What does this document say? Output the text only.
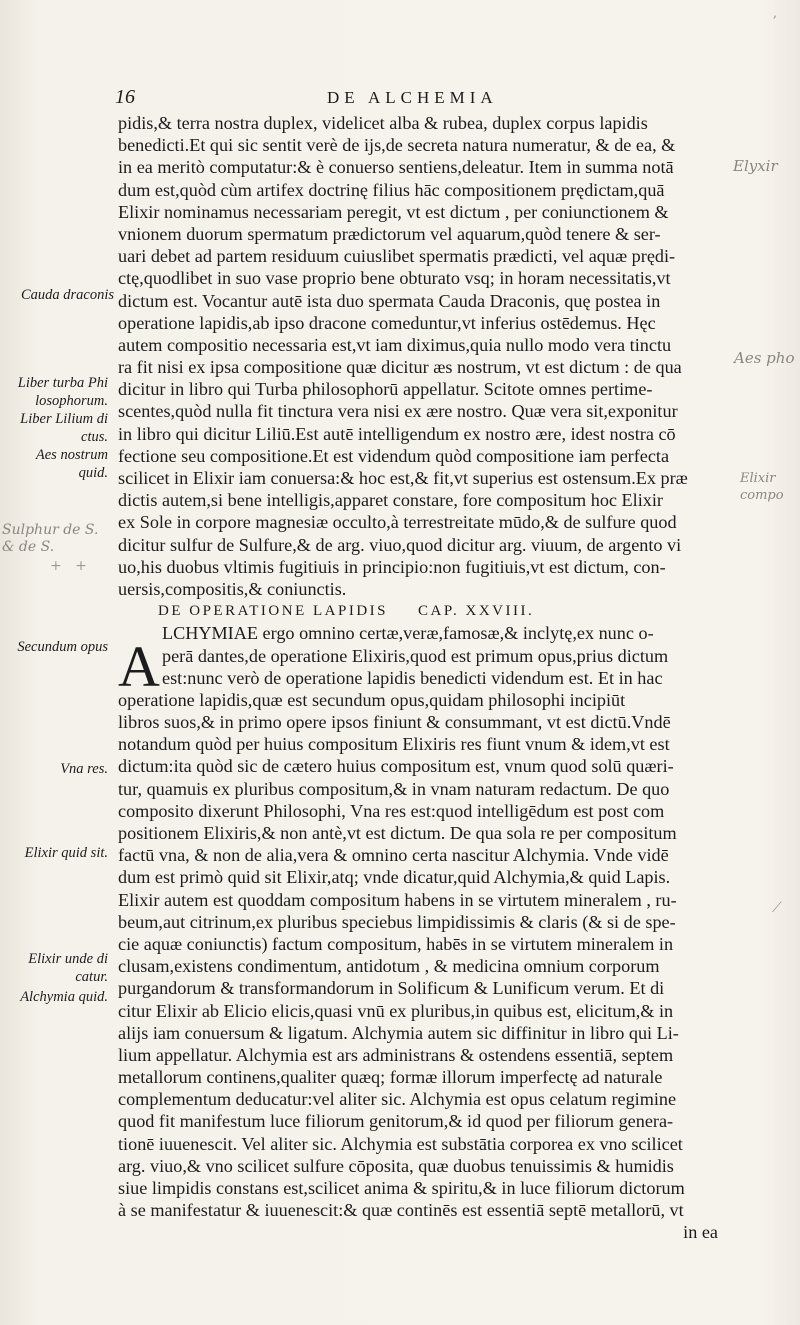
16	DE ALCHEMIA
pidis,& terra nostra duplex, videlicet alba & rubea, duplex corpus lapidis
benedicti.Et qui sic sentit verè de ijs,de secreta natura numeratur, & de ea, &
in ea meritò computatur:& è conuerso sentiens,deleatur. Item in summa notā
dum est,quòd cùm artifex doctrinę filius hāc compositionem prędictam,quā
Elixir nominamus necessariam peregit, vt est dictum , per coniunctionem &
vnionem duorum spermatum prædictorum vel aquarum,quòd tenere & ser-
uari debet ad partem residuum cuiuslibet spermatis prædicti, vel aquæ prędi-
ctę,quodlibet in suo vase proprio bene obturato vsq; in horam necessitatis,vt
dictum est. Vocantur autē ista duo spermata Cauda Draconis, quę postea in
operatione lapidis,ab ipso dracone comeduntur,vt inferius ostēdemus. Hęc
autem compositio necessaria est,vt iam diximus,quia nullo modo vera tinctu
ra fit nisi ex ipsa compositione quæ dicitur æs nostrum, vt est dictum : de qua
dicitur in libro qui Turba philosophorū appellatur. Scitote omnes pertime-
scentes,quòd nulla fit tinctura vera nisi ex ære nostro. Quæ vera sit,exponitur
in libro qui dicitur Liliū.Est autē intelligendum ex nostro ære, idest nostra cō
fectione seu compositione.Et est videndum quòd compositione iam perfecta
scilicet in Elixir iam conuersa:& hoc est,& fit,vt superius est ostensum.Ex præ
dictis autem,si bene intelligis,apparet constare, fore compositum hoc Elixir
ex Sole in corpore magnesiæ occulto,à terrestreitate mūdo,& de sulfure quod
dicitur sulfur de Sulfure,& de arg. viuo,quod dicitur arg. viuum, de argento vi
uo,his duobus vltimis fugitiuis in principio:non fugitiuis,vt est dictum, con-
uersis,compositis,& coniunctis.
DE OPERATIONE LAPIDIS CAP. XXVIII.
A
LCHYMIAE ergo omnino certæ,veræ,famosæ,& inclytę,ex nunc o-
perā dantes,de operatione Elixiris,quod est primum opus,prius dictum
est:nunc verò de operatione lapidis benedicti videndum est. Et in hac
operatione lapidis,quæ est secundum opus,quidam philosophi incipiūt
libros suos,& in primo opere ipsos finiunt & consummant, vt est dictū.Vndē
notandum quòd per huius compositum Elixiris res fiunt vnum & idem,vt est
dictum:ita quòd sic de cætero huius compositum est, vnum quod solū quæri-
tur, quamuis ex pluribus compositum,& in vnam naturam redactum. De quo
composito dixerunt Philosophi, Vna res est:quod intelligēdum est post com
positionem Elixiris,& non antè,vt est dictum. De qua sola re per compositum
factū vna, & non de alia,vera & omnino certa nascitur Alchymia. Vnde vidē
dum est primò quid sit Elixir,atq; vnde dicatur,quid Alchymia,& quid Lapis.
Elixir autem est quoddam compositum habens in se virtutem mineralem , ru-
beum,aut citrinum,ex pluribus speciebus limpidissimis & claris (& si de spe-
cie aquæ coniunctis) factum compositum, habēs in se virtutem mineralem in
clusam,existens condimentum, antidotum , & medicina omnium corporum
purgandorum & transformandorum in Solificum & Lunificum verum. Et di
citur Elixir ab Elicio elicis,quasi vnū ex pluribus,in quibus est, elicitum,& in
alijs iam conuersum & ligatum. Alchymia autem sic diffinitur in libro qui Li-
lium appellatur. Alchymia est ars administrans & ostendens essentiā, septem
metallorum continens,qualiter quæq; formæ illorum imperfectę ad naturale
complementum deducatur:vel aliter sic. Alchymia est opus celatum regimine
quod fit manifestum luce filiorum genitorum,& id quod per filiorum genera-
tionē iuuenescit. Vel aliter sic. Alchymia est substātia corporea ex vno scilicet
arg. viuo,& vno scilicet sulfure cōposita, quæ duobus tenuissimis & humidis
siue limpidis constans est,scilicet anima & spiritu,& in luce filiorum dictorum
à se manifestatur & iuuenescit:& quæ continēs est essentiā septē metallorū, vt
in ea
Cauda draconis
Liber turba Phi losophorum.
Liber Lilium di ctus.
Aes nostrum quid.
Secundum opus
Vna res.
Elixir quid sit.
Elixir unde di catur.
Alchymia quid.
Elyxir
Aes pho
Elixir compo
Sulphur de S. & de S.
+   +
ʼ
⟋
